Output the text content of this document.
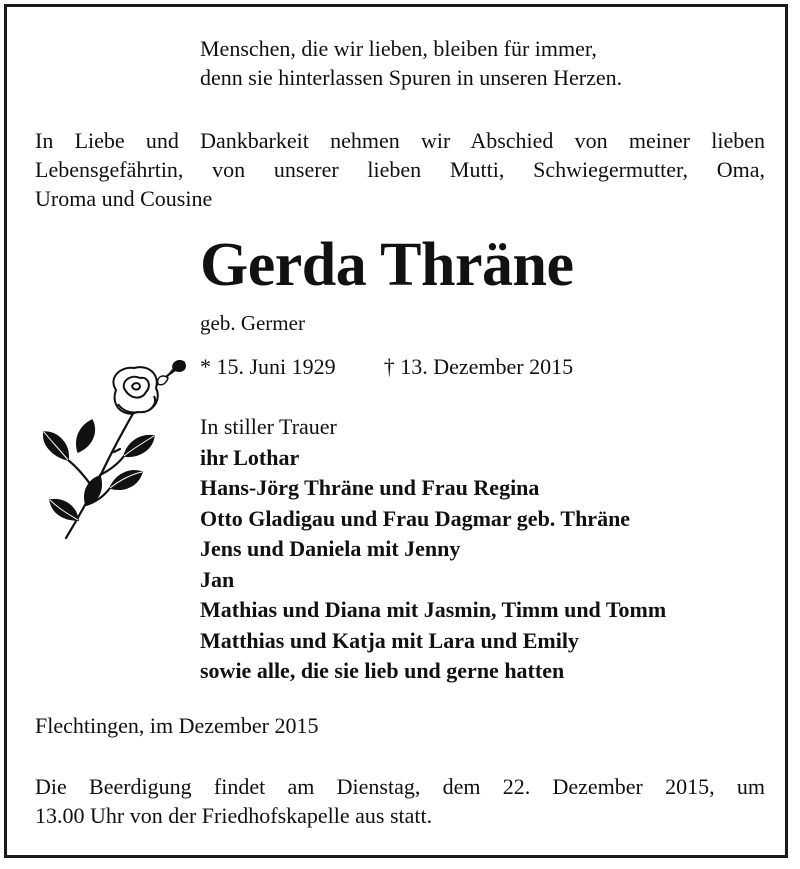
Menschen, die wir lieben, bleiben für immer,
denn sie hinterlassen Spuren in unseren Herzen.
In Liebe und Dankbarkeit nehmen wir Abschied von meiner lieben
Lebensgefährtin, von unserer lieben Mutti, Schwiegermutter, Oma,
Uroma und Cousine
Gerda Thräne
geb. Germer
* 15. Juni 1929 † 13. Dezember 2015
In stiller Trauer
ihr Lothar
Hans-Jörg Thräne und Frau Regina
Otto Gladigau und Frau Dagmar geb. Thräne
Jens und Daniela mit Jenny
Jan
Mathias und Diana mit Jasmin, Timm und Tomm
Matthias und Katja mit Lara und Emily
sowie alle, die sie lieb und gerne hatten
Flechtingen, im Dezember 2015
Die Beerdigung findet am Dienstag, dem 22. Dezember 2015, um
13.00 Uhr von der Friedhofskapelle aus statt.
